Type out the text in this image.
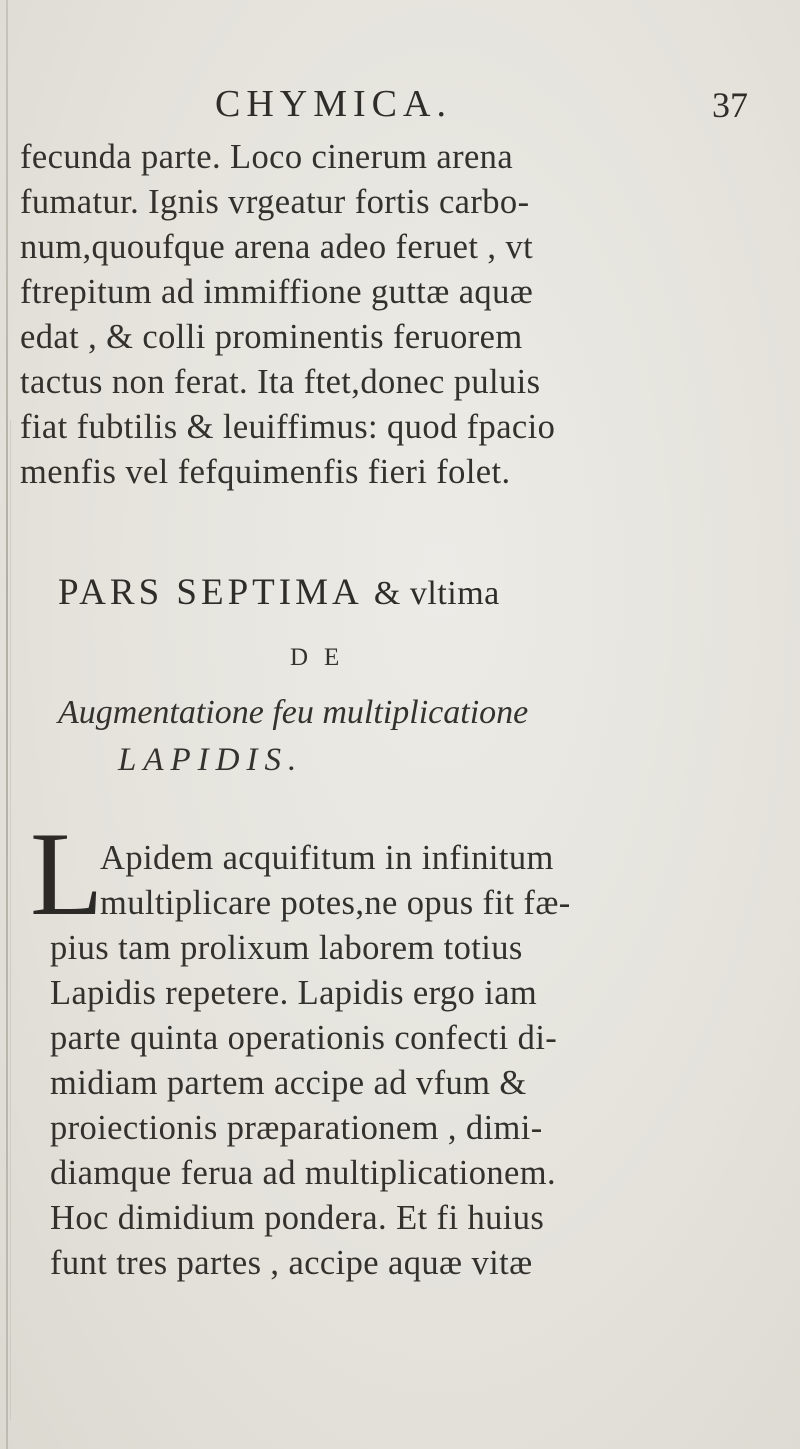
CHYMICA.	37
fecunda parte. Loco cinerum arena
fumatur. Ignis vrgeatur fortis carbo-
num,quoufque arena adeo feruet , vt
ftrepitum ad immiffione guttæ aquæ
edat , & colli prominentis feruorem
tactus non ferat. Ita ftet,donec puluis
fiat fubtilis & leuiffimus: quod fpacio
menfis vel fefquimenfis fieri folet.
PARS SEPTIMA & vltima
DE
Augmentatione feu multiplicatione
LAPIDIS.
L
Apidem acquifitum in infinitum
multiplicare potes,ne opus fit fæ-
pius tam prolixum laborem totius
Lapidis repetere. Lapidis ergo iam
parte quinta operationis confecti di-
midiam partem accipe ad vfum &
proiectionis præparationem , dimi-
diamque ferua ad multiplicationem.
Hoc dimidium pondera. Et fi huius
funt tres partes , accipe aquæ vitæ
